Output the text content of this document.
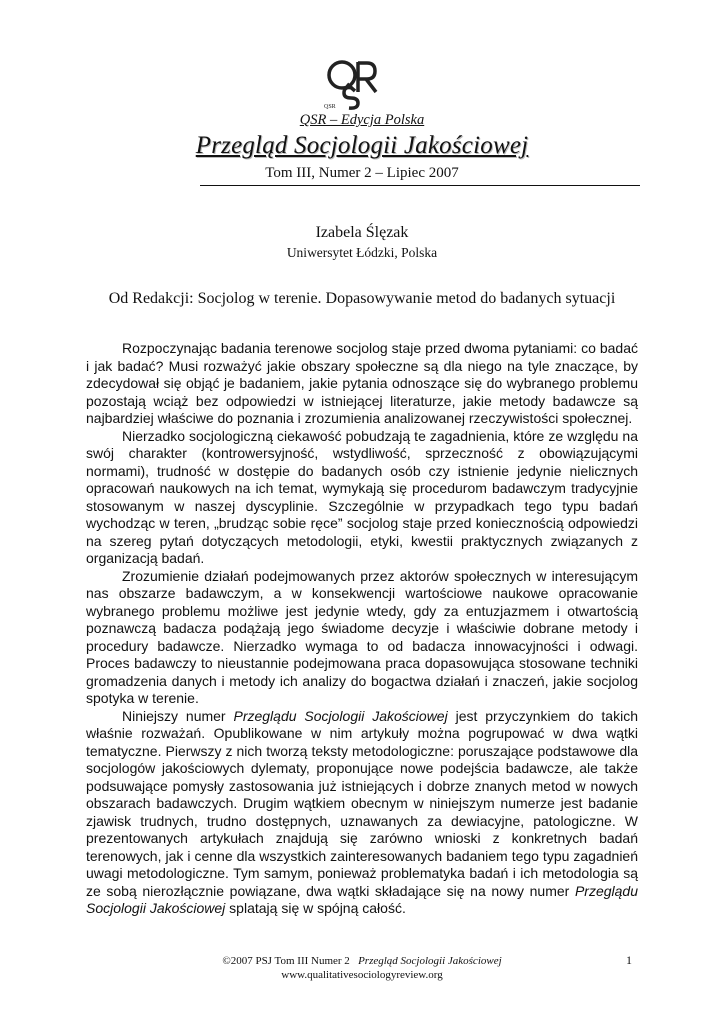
QSR
QSR – Edycja Polska
Przegląd Socjologii Jakościowej
Tom III, Numer 2 – Lipiec 2007
Izabela Ślęzak
Uniwersytet Łódzki, Polska
Od Redakcji: Socjolog w terenie. Dopasowywanie metod do badanych sytuacji

Rozpoczynając badania terenowe socjolog staje przed dwoma pytaniami: co badać i jak badać? Musi rozważyć jakie obszary społeczne są dla niego na tyle znaczące, by zdecydował się objąć je badaniem, jakie pytania odnoszące się do wybranego problemu pozostają wciąż bez odpowiedzi w istniejącej literaturze, jakie metody badawcze są najbardziej właściwe do poznania i zrozumienia analizowanej rzeczywistości społecznej.

Nierzadko socjologiczną ciekawość pobudzają te zagadnienia, które ze względu na swój charakter (kontrowersyjność, wstydliwość, sprzeczność z obowiązującymi normami), trudność w dostępie do badanych osób czy istnienie jedynie nielicznych opracowań naukowych na ich temat, wymykają się procedurom badawczym tradycyjnie stosowanym w naszej dyscyplinie. Szczególnie w przypadkach tego typu badań wychodząc w teren, „brudząc sobie ręce” socjolog staje przed koniecznością odpowiedzi na szereg pytań dotyczących metodologii, etyki, kwestii praktycznych związanych z organizacją badań.

Zrozumienie działań podejmowanych przez aktorów społecznych w interesującym nas obszarze badawczym, a w konsekwencji wartościowe naukowe opracowanie wybranego problemu możliwe jest jedynie wtedy, gdy za entuzjazmem i otwartością poznawczą badacza podążają jego świadome decyzje i właściwie dobrane metody i procedury badawcze. Nierzadko wymaga to od badacza innowacyjności i odwagi. Proces badawczy to nieustannie podejmowana praca dopasowująca stosowane techniki gromadzenia danych i metody ich analizy do bogactwa działań i znaczeń, jakie socjolog spotyka w terenie.

Niniejszy numer Przeglądu Socjologii Jakościowej jest przyczynkiem do takich właśnie rozważań. Opublikowane w nim artykuły można pogrupować w dwa wątki tematyczne. Pierwszy z nich tworzą teksty metodologiczne: poruszające podstawowe dla socjologów jakościowych dylematy, proponujące nowe podejścia badawcze, ale także podsuwające pomysły zastosowania już istniejących i dobrze znanych metod w nowych obszarach badawczych. Drugim wątkiem obecnym w niniejszym numerze jest badanie zjawisk trudnych, trudno dostępnych, uznawanych za dewiacyjne, patologiczne. W prezentowanych artykułach znajdują się zarówno wnioski z konkretnych badań terenowych, jak i cenne dla wszystkich zainteresowanych badaniem tego typu zagadnień uwagi metodologiczne. Tym samym, ponieważ problematyka badań i ich metodologia są ze sobą nierozłącznie powiązane, dwa wątki składające się na nowy numer Przeglądu Socjologii Jakościowej splatają się w spójną całość.

©2007 PSJ Tom III Numer 2 Przegląd Socjologii Jakościowej
www.qualitativesociologyreview.org
1
